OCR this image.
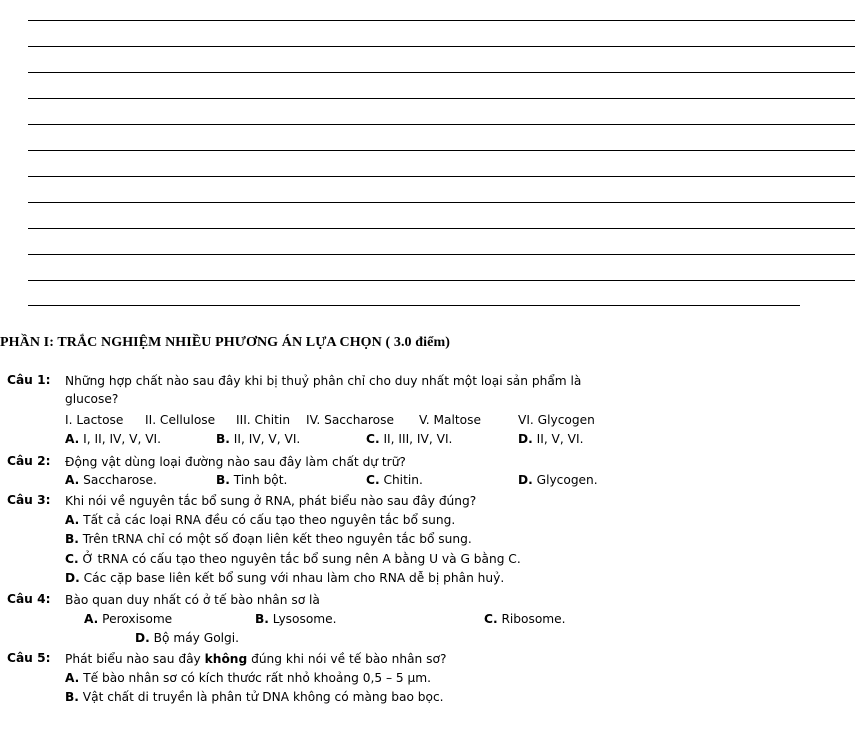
PHẦN I: TRẮC NGHIỆM NHIỀU PHƯƠNG ÁN LỰA CHỌN ( 3.0 điểm)
Câu 1: Những hợp chất nào sau đây khi bị thuỷ phân chỉ cho duy nhất một loại sản phẩm là
glucose?
I. Lactose II. Cellulose III. Chitin IV. Saccharose V. Maltose	VI. Glycogen
A. I, II, IV, V, VI.	B. II, IV, V, VI.	C. II, III, IV, VI.	D. II, V, VI.
Câu 2: Động vật dùng loại đường nào sau đây làm chất dự trữ?
A. Saccharose.	B. Tinh bột.	C. Chitin.	D. Glycogen.
Câu 3: Khi nói về nguyên tắc bổ sung ở RNA, phát biểu nào sau đây đúng?
A. Tất cả các loại RNA đều có cấu tạo theo nguyên tắc bổ sung.
B. Trên tRNA chỉ có một số đoạn liên kết theo nguyên tắc bổ sung.
C. Ở tRNA có cấu tạo theo nguyên tắc bổ sung nên A bằng U và G bằng C.
D. Các cặp base liên kết bổ sung với nhau làm cho RNA dễ bị phân huỷ.
Câu 4: Bào quan duy nhất có ở tế bào nhân sơ là
A. Peroxisome	B. Lysosome.	C. Ribosome.
D. Bộ máy Golgi.
Câu 5: Phát biểu nào sau đây không đúng khi nói về tế bào nhân sơ?
A. Tế bào nhân sơ có kích thước rất nhỏ khoảng 0,5 – 5 µm.
B. Vật chất di truyền là phân tử DNA không có màng bao bọc.
